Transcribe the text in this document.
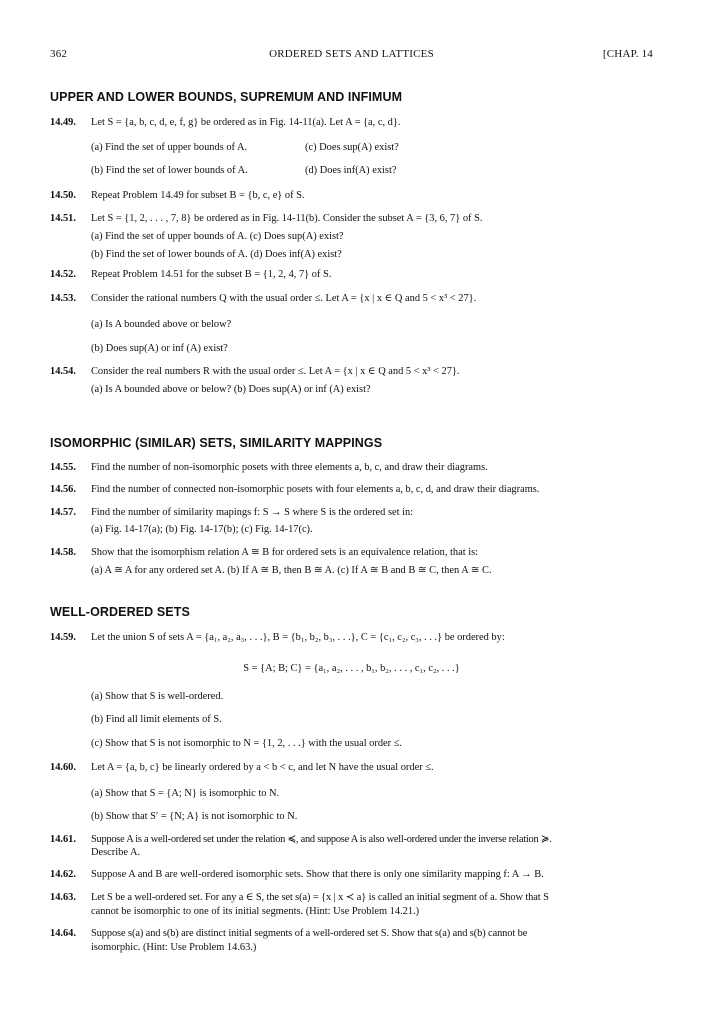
362	ORDERED SETS AND LATTICES	[CHAP. 14
UPPER AND LOWER BOUNDS, SUPREMUM AND INFIMUM
14.49. Let S = {a, b, c, d, e, f, g} be ordered as in Fig. 14-11(a). Let A = {a, c, d}.
(a) Find the set of upper bounds of A.	(c) Does sup(A) exist?
(b) Find the set of lower bounds of A.	(d) Does inf(A) exist?
14.50. Repeat Problem 14.49 for subset B = {b, c, e} of S.
14.51. Let S = {1, 2, . . . , 7, 8} be ordered as in Fig. 14-11(b). Consider the subset A = {3, 6, 7} of S.
(a) Find the set of upper bounds of A. (c) Does sup(A) exist?
(b) Find the set of lower bounds of A. (d) Does inf(A) exist?
14.52. Repeat Problem 14.51 for the subset B = {1, 2, 4, 7} of S.
14.53. Consider the rational numbers Q with the usual order ≤. Let A = {x | x ∈ Q and 5 < x³ < 27}.
(a) Is A bounded above or below?
(b) Does sup(A) or inf (A) exist?
14.54. Consider the real numbers R with the usual order ≤. Let A = {x | x ∈ Q and 5 < x³ < 27}.
(a) Is A bounded above or below? (b) Does sup(A) or inf (A) exist?
ISOMORPHIC (SIMILAR) SETS, SIMILARITY MAPPINGS
14.55. Find the number of non-isomorphic posets with three elements a, b, c, and draw their diagrams.
14.56. Find the number of connected non-isomorphic posets with four elements a, b, c, d, and draw their diagrams.
14.57. Find the number of similarity mapings f: S → S where S is the ordered set in:
(a) Fig. 14-17(a); (b) Fig. 14-17(b); (c) Fig. 14-17(c).
14.58. Show that the isomorphism relation A ≅ B for ordered sets is an equivalence relation, that is:
(a) A ≅ A for any ordered set A. (b) If A ≅ B, then B ≅ A. (c) If A ≅ B and B ≅ C, then A ≅ C.
WELL-ORDERED SETS
14.59. Let the union S of sets A = {a₁, a₂, a₃, . . .}, B = {b₁, b₂, b₃, . . .}, C = {c₁, c₂, c₃, . . .} be ordered by:
S = {A; B; C} = {a₁, a₂, . . . , b₁, b₂, . . . , c₁, c₂, . . .}
(a) Show that S is well-ordered.
(b) Find all limit elements of S.
(c) Show that S is not isomorphic to N = {1, 2, . . .} with the usual order ≤.
14.60. Let A = {a, b, c} be linearly ordered by a < b < c, and let N have the usual order ≤.
(a) Show that S = {A; N} is isomorphic to N.
(b) Show that S′ = {N; A} is not isomorphic to N.
14.61. Suppose A is a well-ordered set under the relation ≼, and suppose A is also well-ordered under the inverse relation ≽.
Describe A.
14.62. Suppose A and B are well-ordered isomorphic sets. Show that there is only one similarity mapping f: A → B.
14.63. Let S be a well-ordered set. For any a ∈ S, the set s(a) = {x | x ≺ a} is called an initial segment of a. Show that S
cannot be isomorphic to one of its initial segments. (Hint: Use Problem 14.21.)
14.64. Suppose s(a) and s(b) are distinct initial segments of a well-ordered set S. Show that s(a) and s(b) cannot be
isomorphic. (Hint: Use Problem 14.63.)
